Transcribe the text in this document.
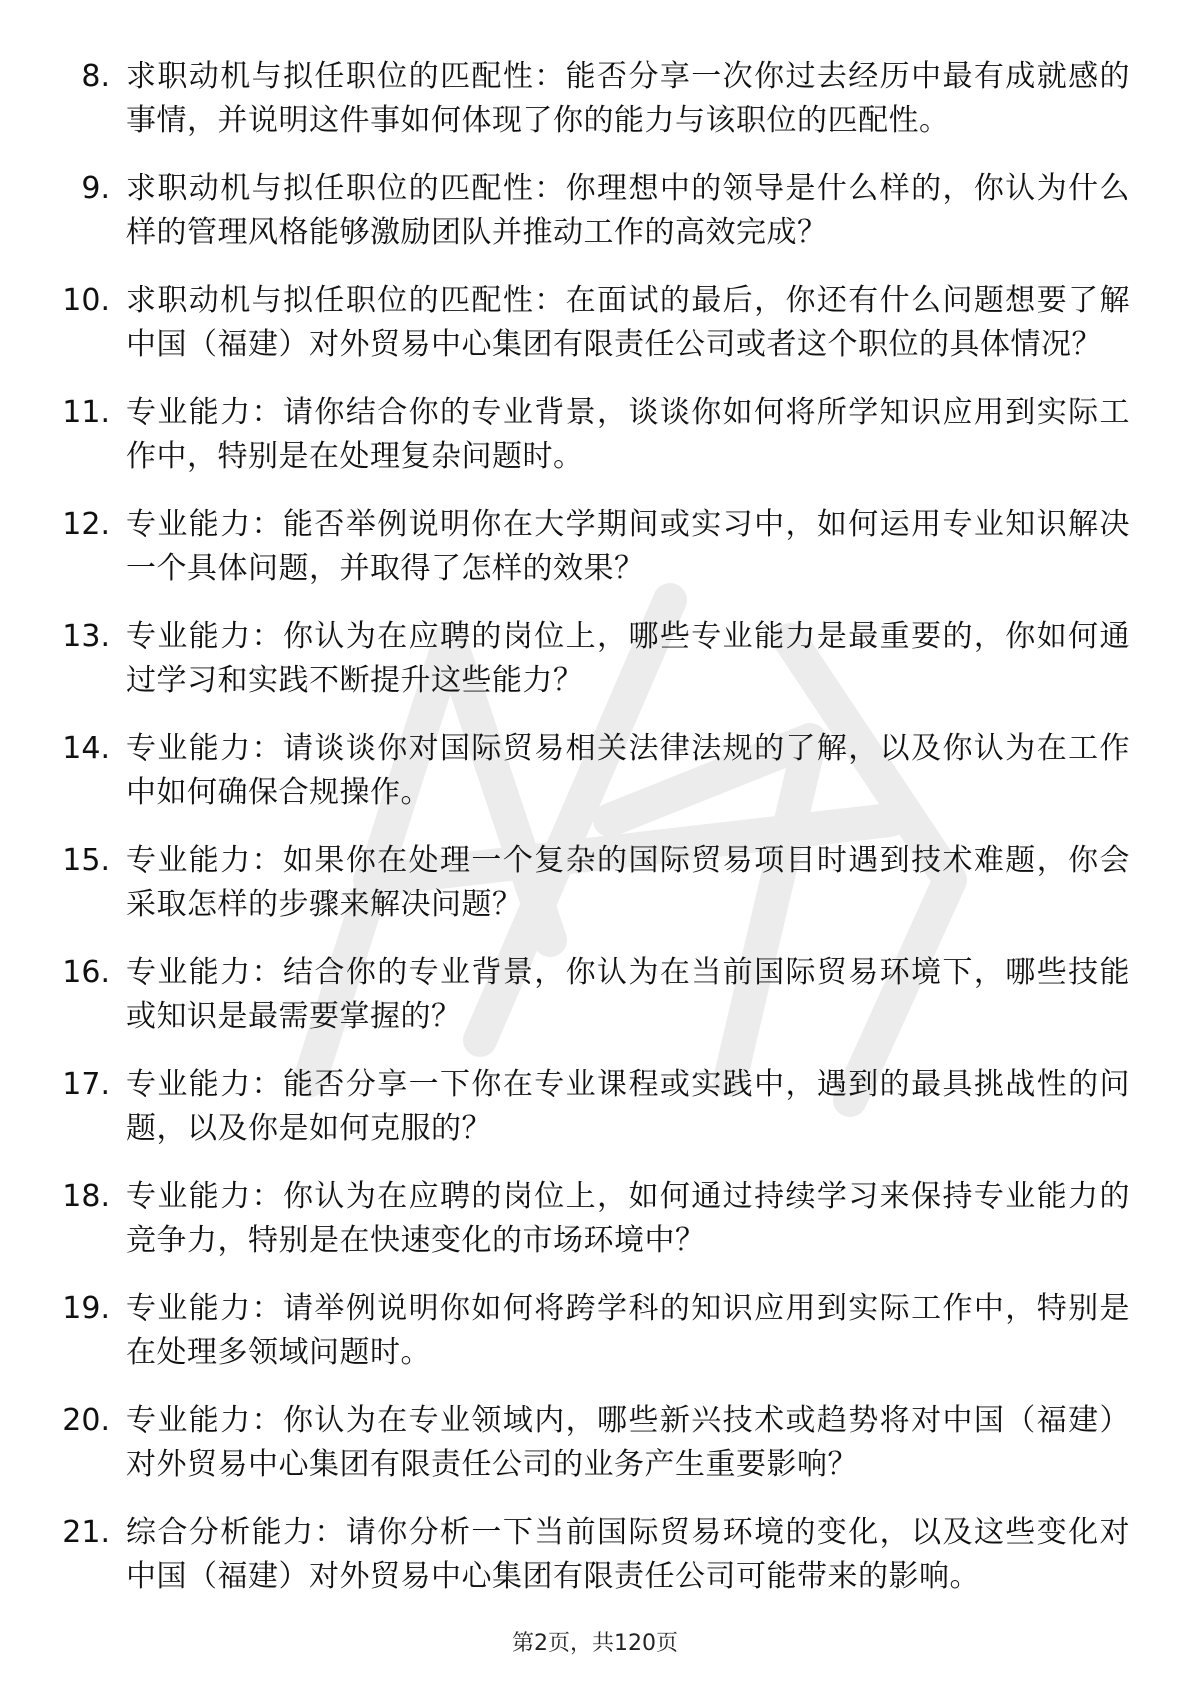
8. 求职动机与拟任职位的匹配性：能否分享一次你过去经历中最有成就感的事情，并说明这件事如何体现了你的能力与该职位的匹配性。
9. 求职动机与拟任职位的匹配性：你理想中的领导是什么样的，你认为什么样的管理风格能够激励团队并推动工作的高效完成？
10. 求职动机与拟任职位的匹配性：在面试的最后，你还有什么问题想要了解中国（福建）对外贸易中心集团有限责任公司或者这个职位的具体情况？
11. 专业能力：请你结合你的专业背景，谈谈你如何将所学知识应用到实际工作中，特别是在处理复杂问题时。
12. 专业能力：能否举例说明你在大学期间或实习中，如何运用专业知识解决一个具体问题，并取得了怎样的效果？
13. 专业能力：你认为在应聘的岗位上，哪些专业能力是最重要的，你如何通过学习和实践不断提升这些能力？
14. 专业能力：请谈谈你对国际贸易相关法律法规的了解，以及你认为在工作中如何确保合规操作。
15. 专业能力：如果你在处理一个复杂的国际贸易项目时遇到技术难题，你会采取怎样的步骤来解决问题？
16. 专业能力：结合你的专业背景，你认为在当前国际贸易环境下，哪些技能或知识是最需要掌握的？
17. 专业能力：能否分享一下你在专业课程或实践中，遇到的最具挑战性的问题，以及你是如何克服的？
18. 专业能力：你认为在应聘的岗位上，如何通过持续学习来保持专业能力的竞争力，特别是在快速变化的市场环境中？
19. 专业能力：请举例说明你如何将跨学科的知识应用到实际工作中，特别是在处理多领域问题时。
20. 专业能力：你认为在专业领域内，哪些新兴技术或趋势将对中国（福建）对外贸易中心集团有限责任公司的业务产生重要影响？
21. 综合分析能力：请你分析一下当前国际贸易环境的变化，以及这些变化对中国（福建）对外贸易中心集团有限责任公司可能带来的影响。
第2页，共120页
